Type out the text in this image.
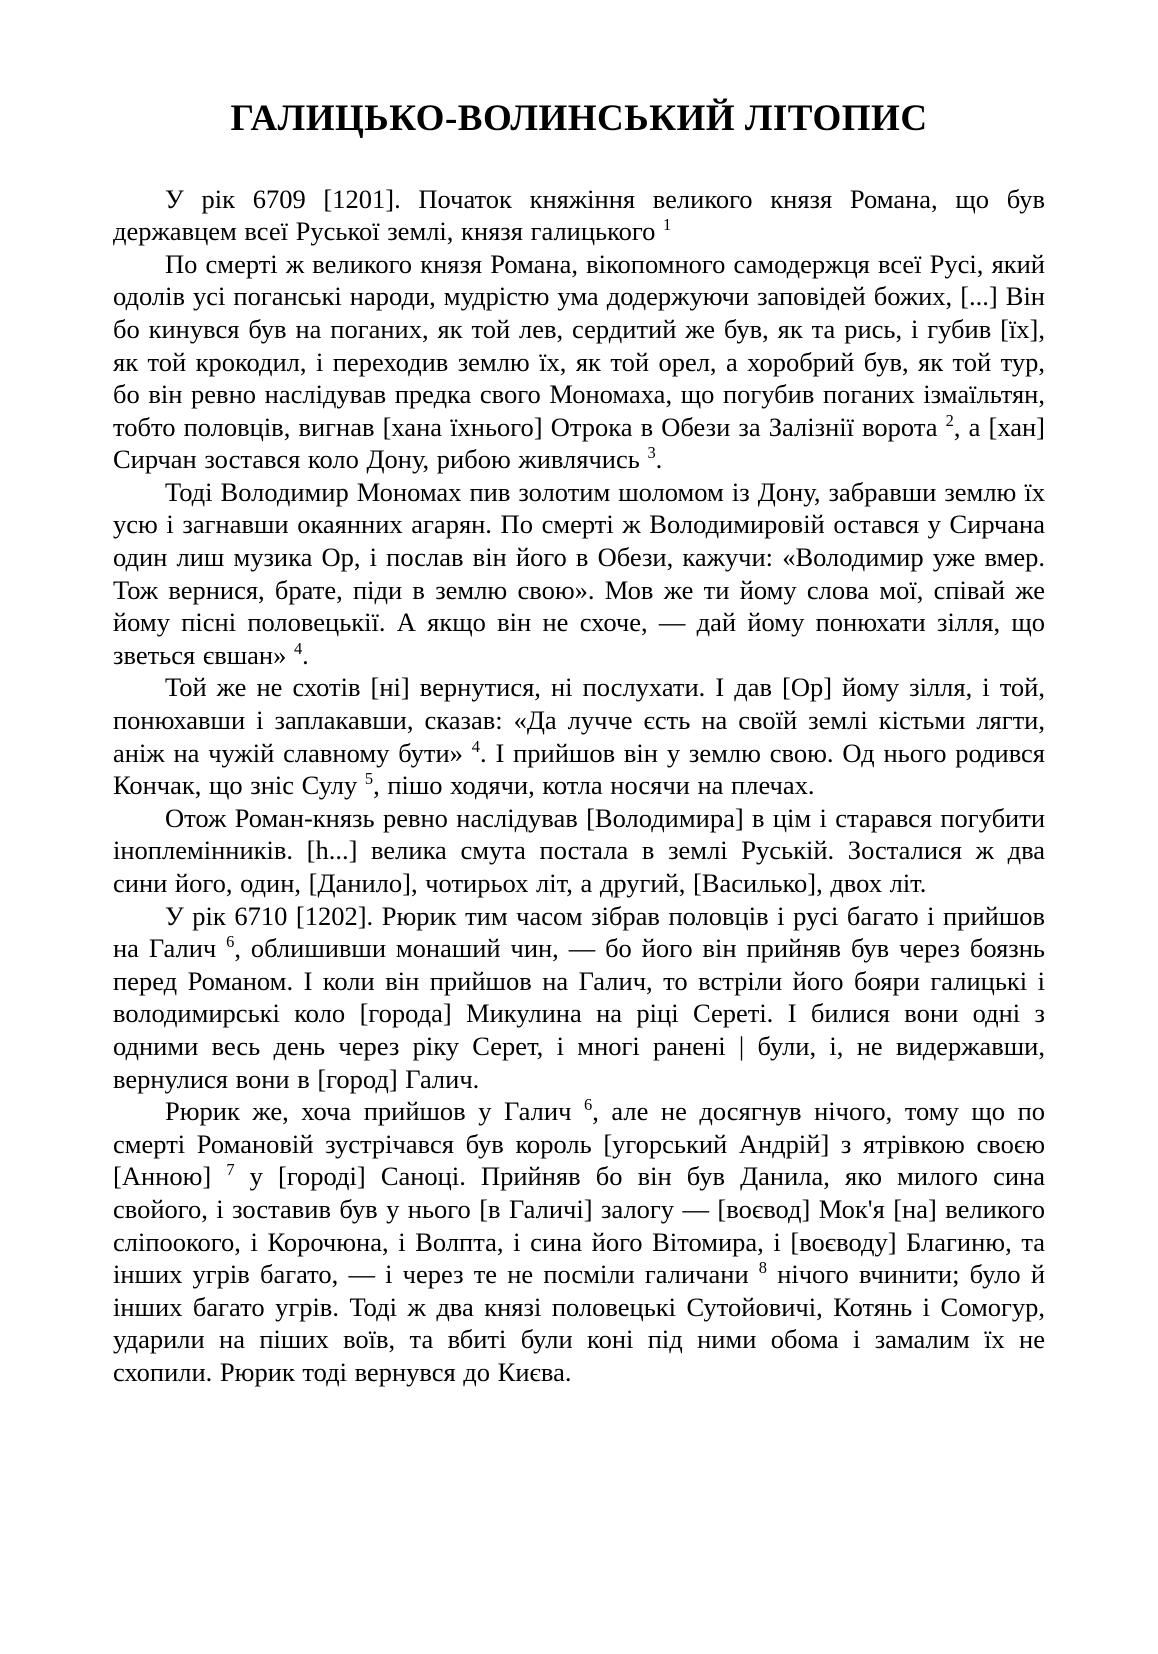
ГАЛИЦЬКО-ВОЛИНСЬКИЙ ЛІТОПИС

У рік 6709 [1201]. Початок княжіння великого князя Романа, що був державцем всеї Руської землі, князя галицького $^1$

По смерті ж великого князя Романа, вікопомного самодержця всеї Русі, який одолів усі поганські народи, мудрістю ума додержуючи заповідей божих, [...] Він бо кинувся був на поганих, як той лев, сердитий же був, як та рись, і губив [їх], як той крокодил, і переходив землю їх, як той орел, а хоробрий був, як той тур, бо він ревно наслідував предка свого Мономаха, що погубив поганих ізмаїльтян, тобто половців, вигнав [хана їхнього] Отрока в Обези за Залізнії ворота $^2$, а [хан] Сирчан зостався коло Дону, рибою живлячись $^3$.

Тоді Володимир Мономах пив золотим шоломом із Дону, забравши землю їх усю і загнавши окаянних агарян. По смерті ж Володимировій остався у Сирчана один лиш музика Ор, і послав він його в Обези, кажучи: «Володимир уже вмер. Тож вернися, брате, піди в землю свою». Мов же ти йому слова мої, співай же йому пісні половецькії. А якщо він не схоче, — дай йому понюхати зілля, що зветься євшан» $^4$.

Той же не схотів [ні] вернутися, ні послухати. І дав [Ор] йому зілля, і той, понюхавши і заплакавши, сказав: «Да лучче єсть на своїй землі кістьми лягти, аніж на чужій славному бути» $^4$. І прийшов він у землю свою. Од нього родився Кончак, що зніс Сулу $^5$, пішо ходячи, котла носячи на плечах.

Отож Роман-князь ревно наслідував [Володимира] в цім і старався погубити іноплемінників. [h...] велика смута постала в землі Руській. Зосталися ж два сини його, один, [Данило], чотирьох літ, а другий, [Василько], двох літ.

У рік 6710 [1202]. Рюрик тим часом зібрав половців і русі багато і прийшов на Галич $^6$, облишивши монаший чин, — бо його він прийняв був через боязнь перед Романом. І коли він прийшов на Галич, то встріли його бояри галицькі і володимирські коло [города] Микулина на ріці Сереті. І билися вони одні з одними весь день через ріку Серет, і многі ранені | були, і, не видержавши, вернулися вони в [город] Галич.

Рюрик же, хоча прийшов у Галич $^6$, але не досягнув нічого, тому що по смерті Романовій зустрічався був король [угорський Андрій] з ятрівкою своєю [Анною] $^7$ у [городі] Саноці. Прийняв бо він був Данила, яко милого сина свойого, і зоставив був у нього [в Галичі] залогу — [воєвод] Мок'я [на] великого сліпоокого, і Корочюна, і Волпта, і сина його Вітомира, і [воєводу] Благиню, та інших угрів багато, — і через те не посміли галичани $^8$ нічого вчинити; було й інших багато угрів. Тоді ж два князі половецькі Сутойовичі, Котянь і Сомогур, ударили на піших воїв, та вбиті були коні під ними обома і замалим їх не схопили. Рюрик тоді вернувся до Києва.
